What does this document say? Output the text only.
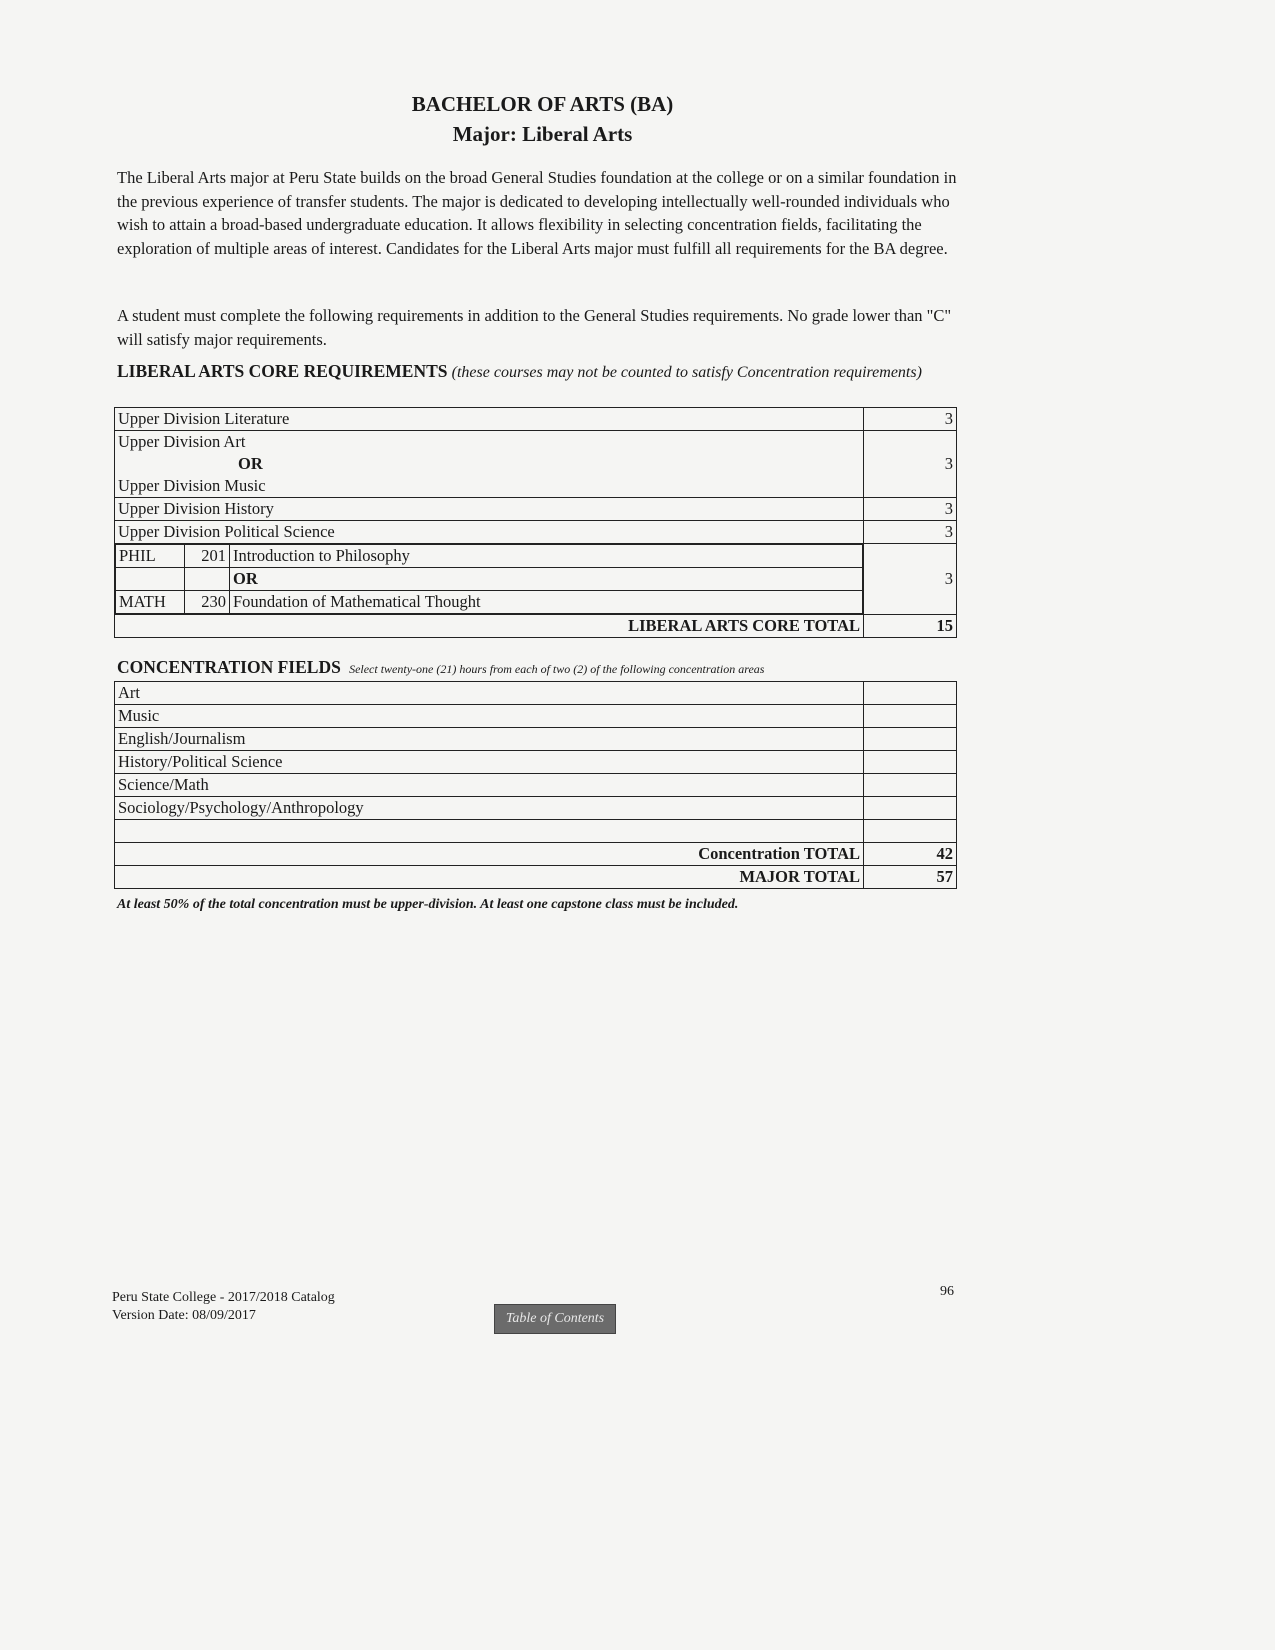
BACHELOR OF ARTS (BA)
Major: Liberal Arts

The Liberal Arts major at Peru State builds on the broad General Studies foundation at the college or on a similar foundation in the previous experience of transfer students. The major is dedicated to developing intellectually well-rounded individuals who wish to attain a broad-based undergraduate education. It allows flexibility in selecting concentration fields, facilitating the exploration of multiple areas of interest. Candidates for the Liberal Arts major must fulfill all requirements for the BA degree.

A student must complete the following requirements in addition to the General Studies requirements. No grade lower than "C" will satisfy major requirements.

LIBERAL ARTS CORE REQUIREMENTS (these courses may not be counted to satisfy Concentration requirements)
Upper Division Literature	3

Upper Division Art
OR
Upper Division Music
	3
Upper Division History	3
Upper Division Political Science	3

PHIL	201	Introduction to Philosophy

OR

MATH	230	Foundation of Mathematical Thought
	3
LIBERAL ARTS CORE TOTAL	15
CONCENTRATION FIELDS Select twenty-one (21) hours from each of two (2) of the following concentration areas
Art	
Music	
English/Journalism	
History/Political Science	
Science/Math	
Sociology/Psychology/Anthropology	

Concentration TOTAL	42
MAJOR TOTAL	57
At least 50% of the total concentration must be upper-division. At least one capstone class must be included.
Peru State College - 2017/2018 Catalog
Version Date: 08/09/2017
96
Table of Contents
